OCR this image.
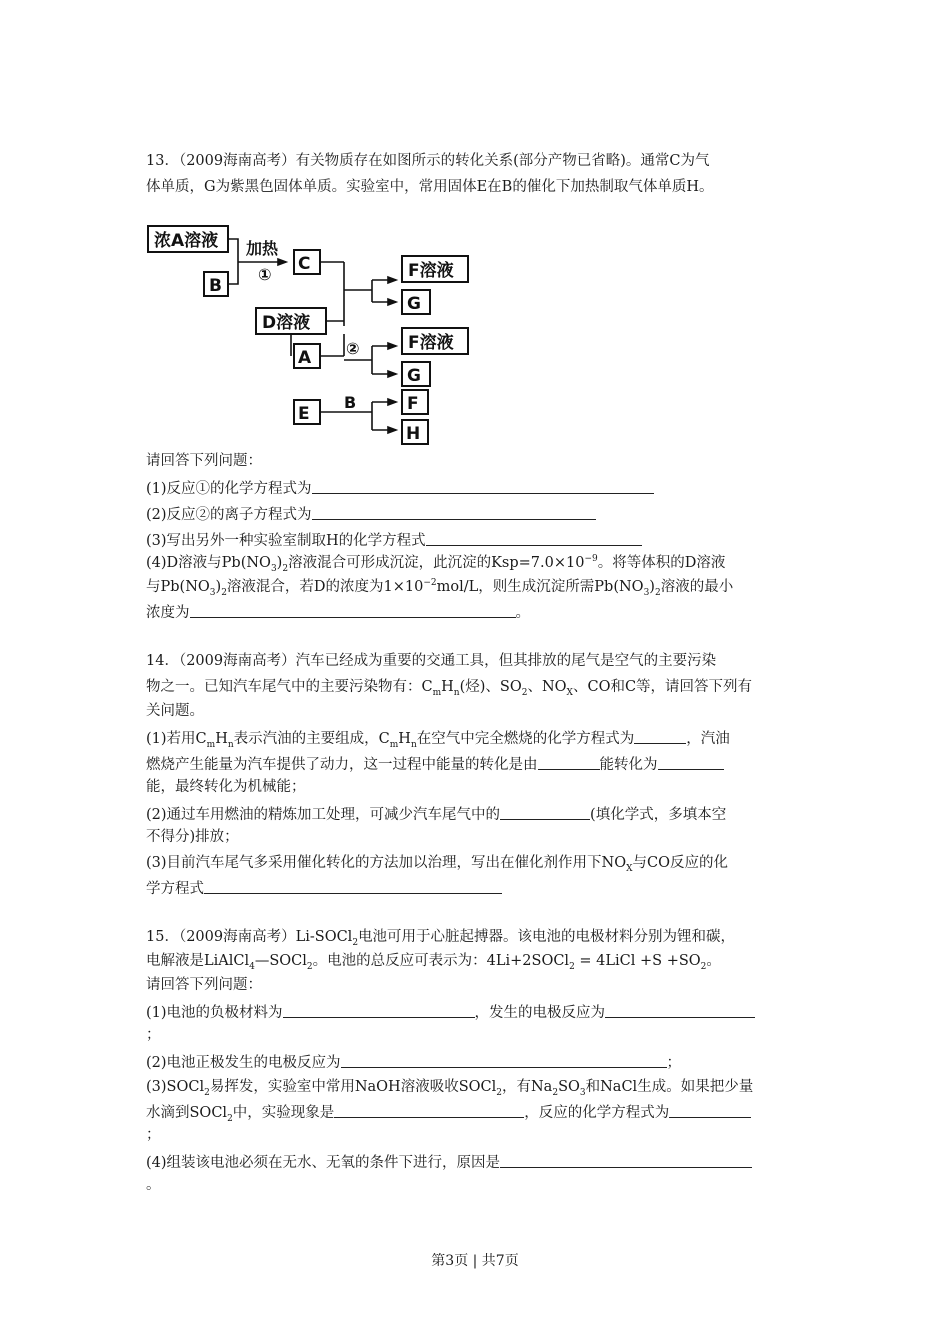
13．（2009海南高考）有关物质存在如图所示的转化关系(部分产物已省略)。通常C为气
体单质，G为紫黑色固体单质。实验室中，常用固体E在B的催化下加热制取气体单质H。
浓A溶液
B
加热
①
C
D溶液
F溶液
G
A ②	F溶液
G
E
B	F
H
请回答下列问题：
(1)反应①的化学方程式为
(2)反应②的离子方程式为
(3)写出另外一种实验室制取H的化学方程式
(4)D溶液与$Pb(NO_3)_2$溶液混合可形成沉淀，此沉淀的$Ksp=7.0\times 10^{-9}$。将等体积的D溶液
与$Pb(NO_3)_2$溶液混合，若D的浓度为$1\times 10^{-2}mol/L$，则生成沉淀所需$Pb(NO_3)_2$溶液的最小
浓度为	。
14．（2009海南高考）汽车已经成为重要的交通工具，但其排放的尾气是空气的主要污染
物之一。已知汽车尾气中的主要污染物有：$C_mH_n$(烃)、$SO_2$、$NO_X$、CO和C等，请回答下列有
关问题。
(1)若用$C_mH_n$表示汽油的主要组成，$C_mH_n$在空气中完全燃烧的化学方程式为	，汽油
燃烧产生能量为汽车提供了动力，这一过程中能量的转化是由	能转化为
能，最终转化为机械能；
(2)通过车用燃油的精炼加工处理，可减少汽车尾气中的	(填化学式，多填本空
不得分)排放；
(3)目前汽车尾气多采用催化转化的方法加以治理，写出在催化剂作用下$NO_X$与CO反应的化
学方程式
15．（2009海南高考）Li-SOCl$_2$电池可用于心脏起搏器。该电池的电极材料分别为锂和碳，
电解液是LiAlCl$_4$—SOCl$_2$。电池的总反应可表示为：4Li+2SOCl$_2$ = 4LiCl $+S +SO_2$。
请回答下列问题：
(1)电池的负极材料为	，发生的电极反应为
；
(2)电池正极发生的电极反应为	；
(3)SOCl$_2$易挥发，实验室中常用NaOH溶液吸收SOCl$_2$，有$Na_2SO_3$和NaCl生成。如果把少量
水滴到SOCl$_2$中，实验现象是	，反应的化学方程式为
；
(4)组装该电池必须在无水、无氧的条件下进行，原因是
。
第3页 | 共7页
